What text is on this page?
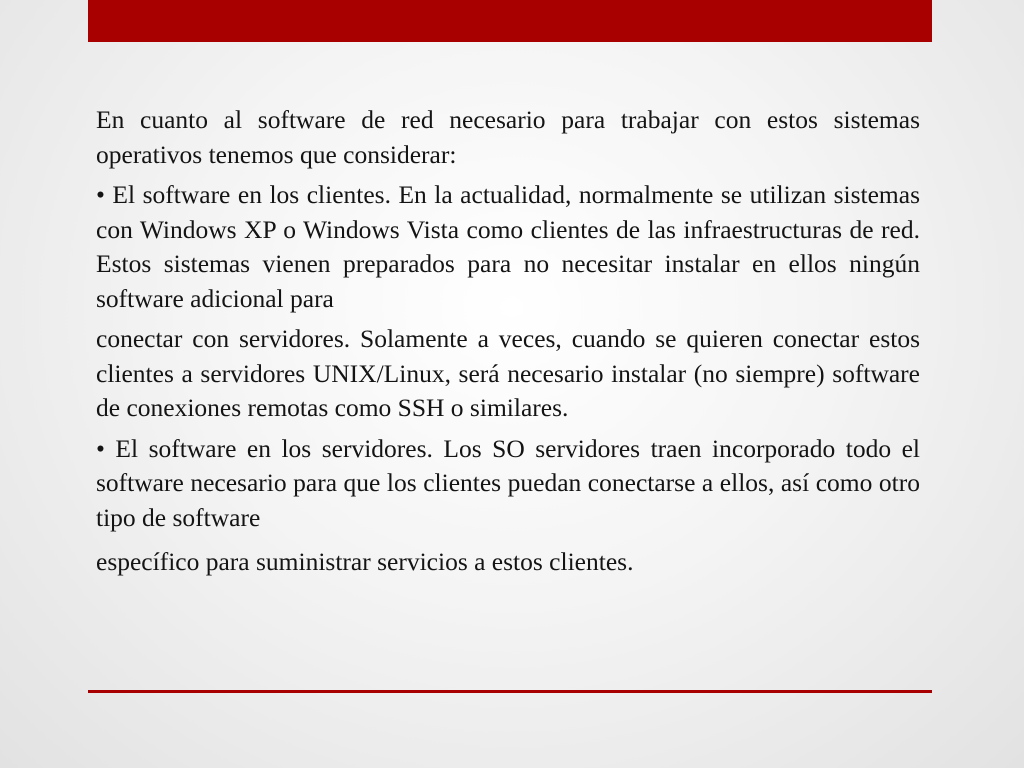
En cuanto al software de red necesario para trabajar con estos sistemas operativos tenemos que considerar:

• El software en los clientes. En la actualidad, normalmente se utilizan sistemas con Windows XP o Windows Vista como clientes de las infraestructuras de red. Estos sistemas vienen preparados para no necesitar instalar en ellos ningún software adicional para

conectar con servidores. Solamente a veces, cuando se quieren conectar estos clientes a servidores UNIX/Linux, será necesario instalar (no siempre) software de conexiones remotas como SSH o similares.

• El software en los servidores. Los SO servidores traen incorporado todo el software necesario para que los clientes puedan conectarse a ellos, así como otro tipo de software

específico para suministrar servicios a estos clientes.
